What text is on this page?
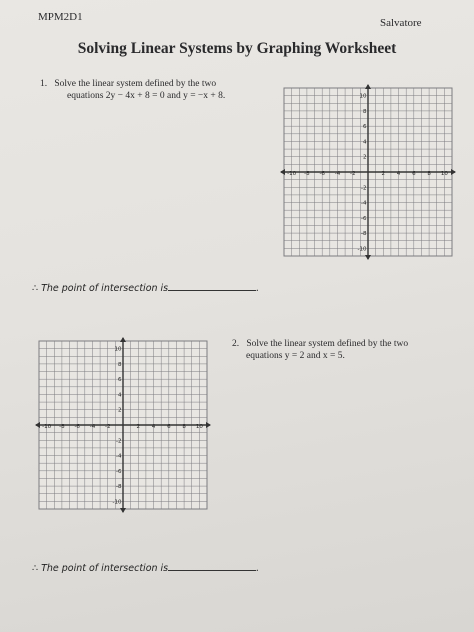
MPM2D1	Salvatore
Solving Linear Systems by Graphing Worksheet
1. Solve the linear system defined by the two
equations 2y − 4x + 8 = 0 and y = −x + 8.
-10 -8 -6 -4 -2	2 4 6 8 10
10
8
6
4
2
-2
-4
-6
-8
-10
∴ The point of intersection is	.
-10 -8 -6 -4 -2	2 4 6 8 10
10
8
6
4
2
-2
-4
-6
-8
-10
2. Solve the linear system defined by the two
equations y = 2 and x = 5.
∴ The point of intersection is	.
